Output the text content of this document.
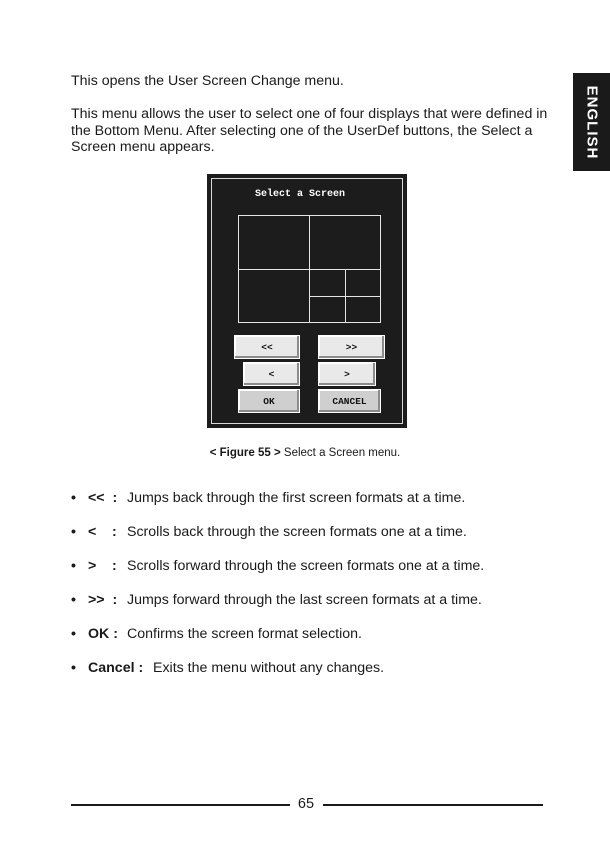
ENGLISH

This opens the User Screen Change menu.

This menu allows the user to select one of four displays that were defined in the Bottom Menu. After selecting one of the UserDef buttons, the Select a Screen menu appears.

Select a Screen
<<	>>
<	>
OK	CANCEL

< Figure 55 > Select a Screen menu.

• <<  : Jumps back through the first screen formats at a time.
• <    : Scrolls back through the screen formats one at a time.
• >    : Scrolls forward through the screen formats one at a time.
• >>  : Jumps forward through the last screen formats at a time.
• OK : Confirms the screen format selection.
• Cancel : Exits the menu without any changes.
65
